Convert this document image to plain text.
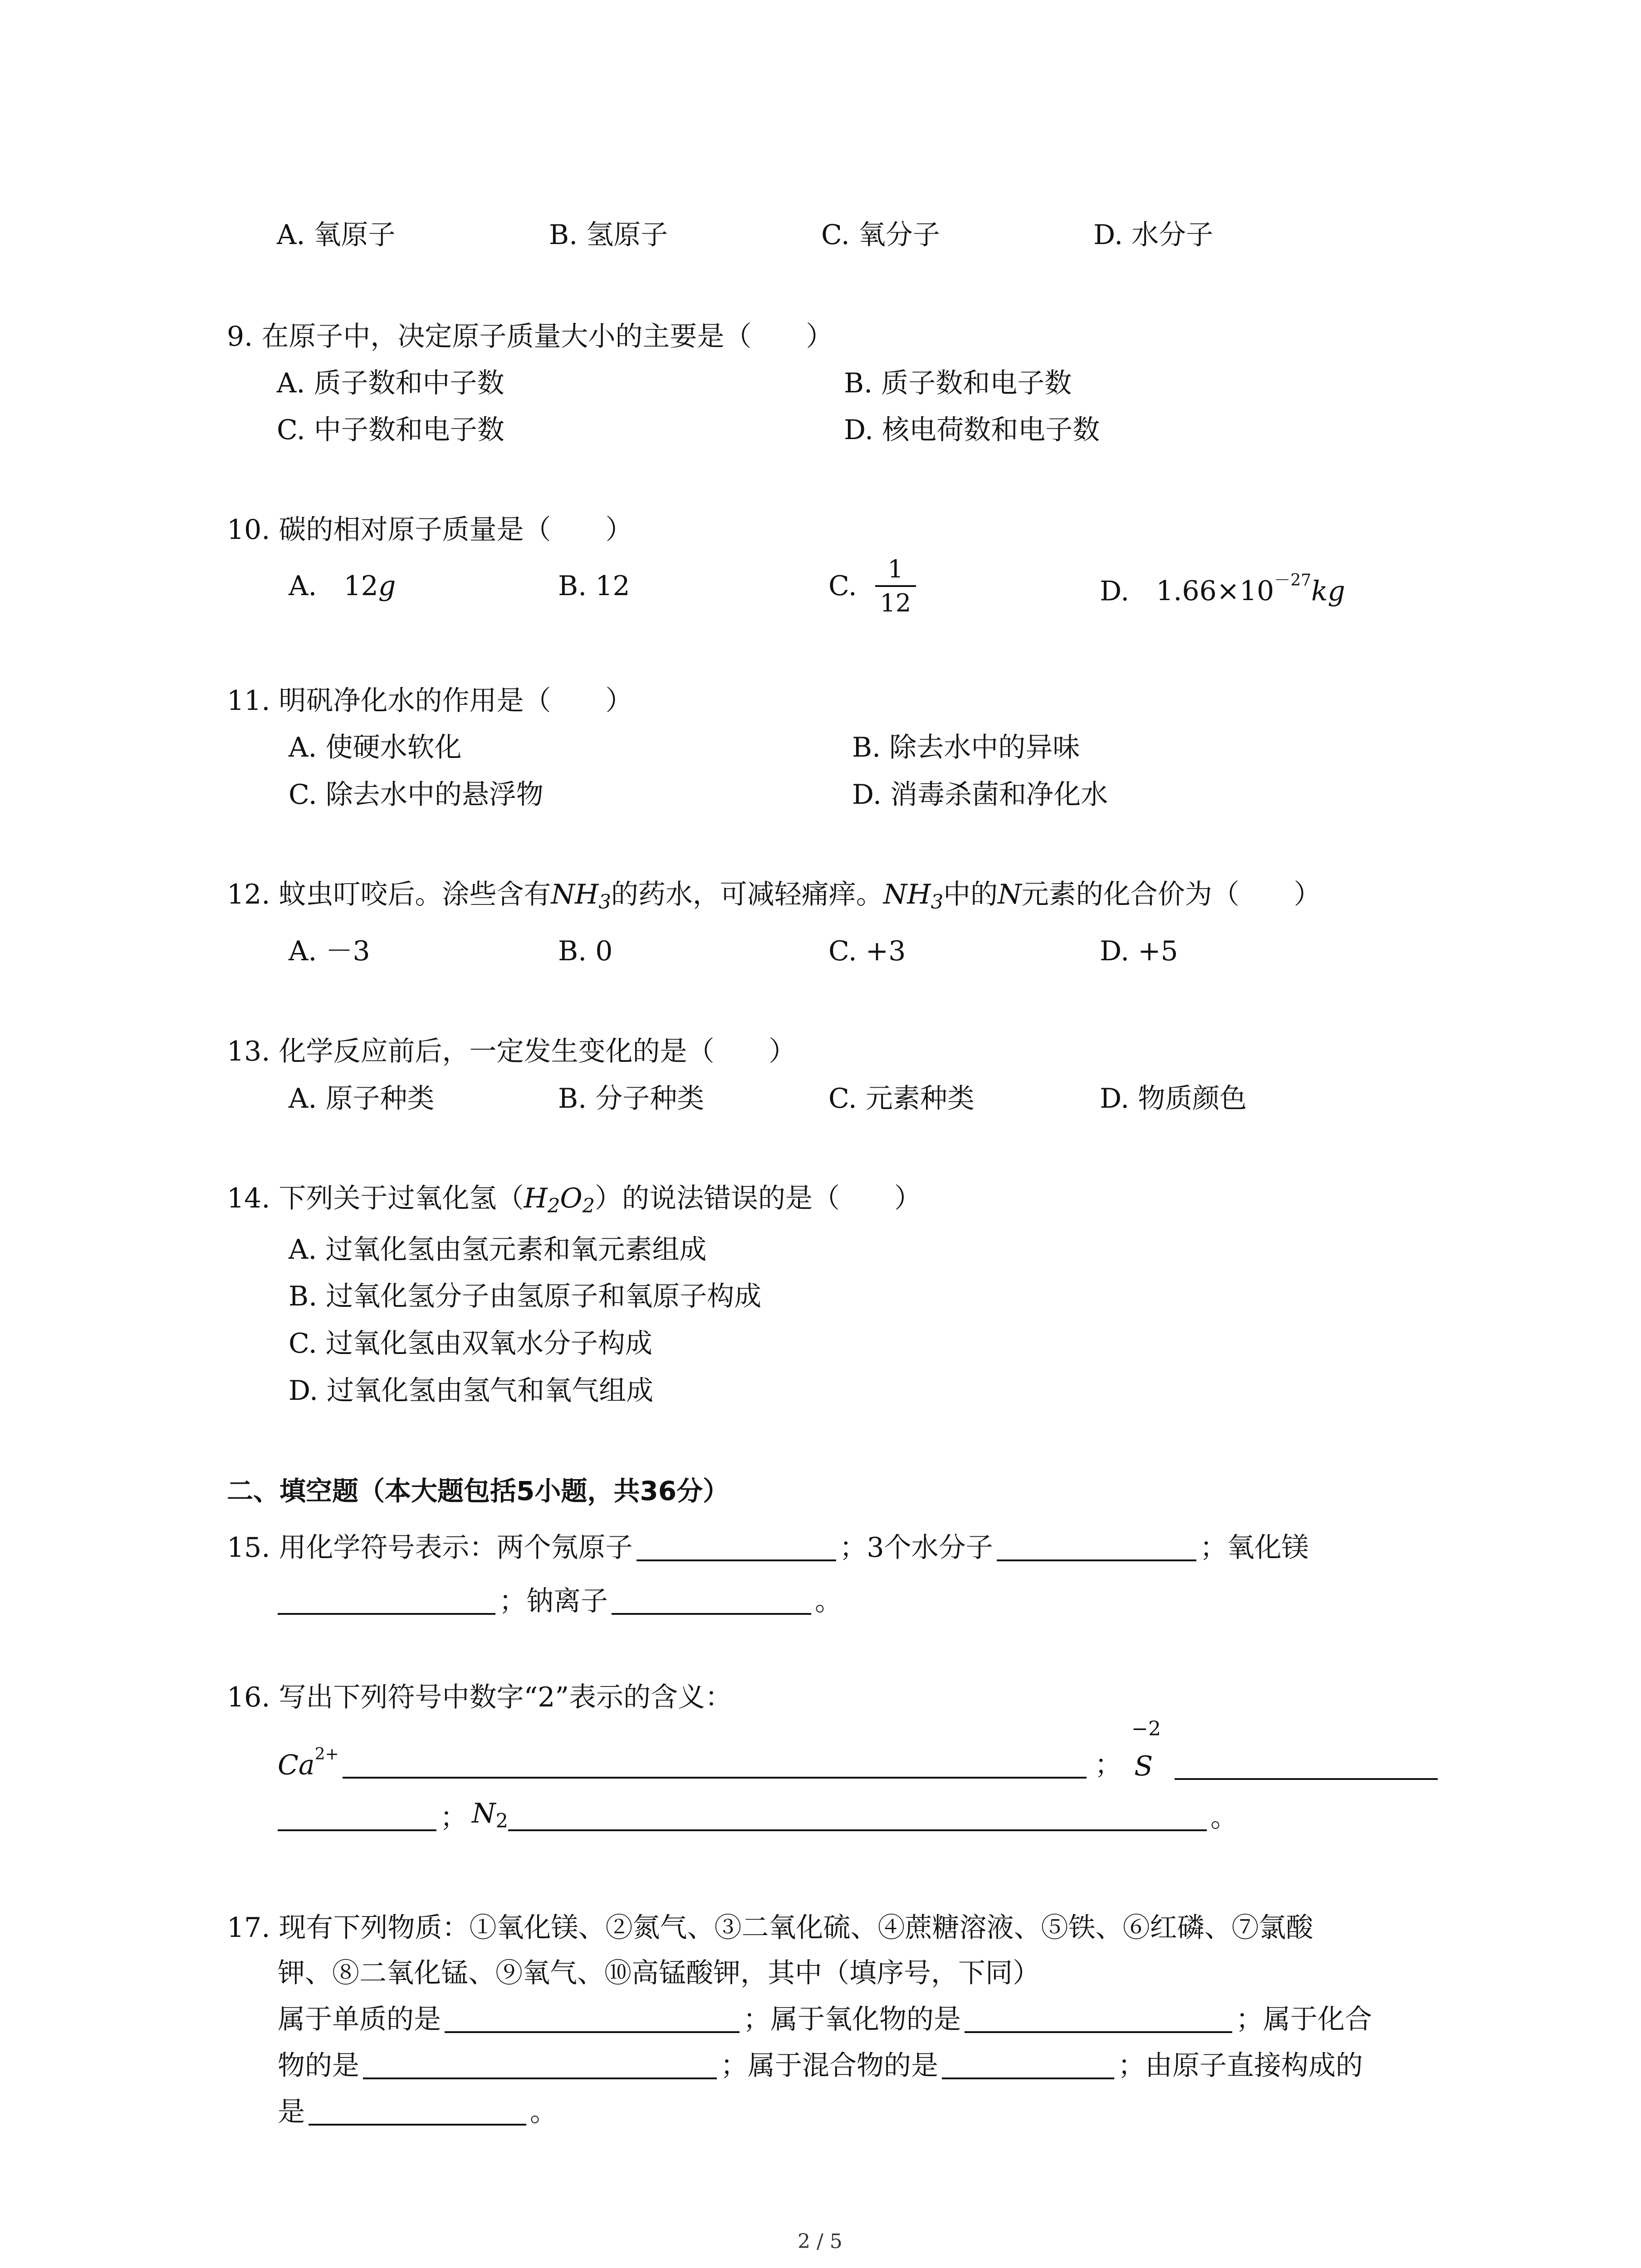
A. 氧原子	B. 氢原子	C. 氧分子	D. 水分子
9. 在原子中，决定原子质量大小的主要是（　　）
A. 质子数和中子数	B. 质子数和电子数
C. 中子数和电子数	D. 核电荷数和电子数
10. 碳的相对原子质量是（　　）
A. 12g	B. 12	C. $\frac{1}{12}$	D. $1.66\times 10^{-27}kg$
11. 明矾净化水的作用是（　　）
A. 使硬水软化	B. 除去水中的异味
C. 除去水中的悬浮物	D. 消毒杀菌和净化水
12. 蚊虫叮咬后。涂些含有$NH_3$的药水，可减轻痛痒。$NH_3$中的N元素的化合价为（　　）
A. －3	B. 0	C. +3	D. +5
13. 化学反应前后，一定发生变化的是（　　）
A. 原子种类	B. 分子种类	C. 元素种类	D. 物质颜色
14. 下列关于过氧化氢$(H_2O_2)$的说法错误的是（　　）
A. 过氧化氢由氢元素和氧元素组成
B. 过氧化氢分子由氢原子和氧原子构成
C. 过氧化氢由双氧水分子构成
D. 过氧化氢由氢气和氧气组成
二、填空题（本大题包括5小题，共36分）
15. 用化学符号表示：两个氖原子	；3个水分子	；氧化镁
；钠离子	。
16. 写出下列符号中数字“2”表示的含义：
$Ca^{2+}$	；
−2
S
； $N_2$	。
17. 现有下列物质：①氧化镁、②氮气、③二氧化硫、④蔗糖溶液、⑤铁、⑥红磷、⑦氯酸
钾、⑧二氧化锰、⑨氧气、⑩高锰酸钾，其中（填序号，下同）
属于单质的是	；属于氧化物的是	；属于化合
物的是	；属于混合物的是	；由原子直接构成的
是	。
2 / 5
